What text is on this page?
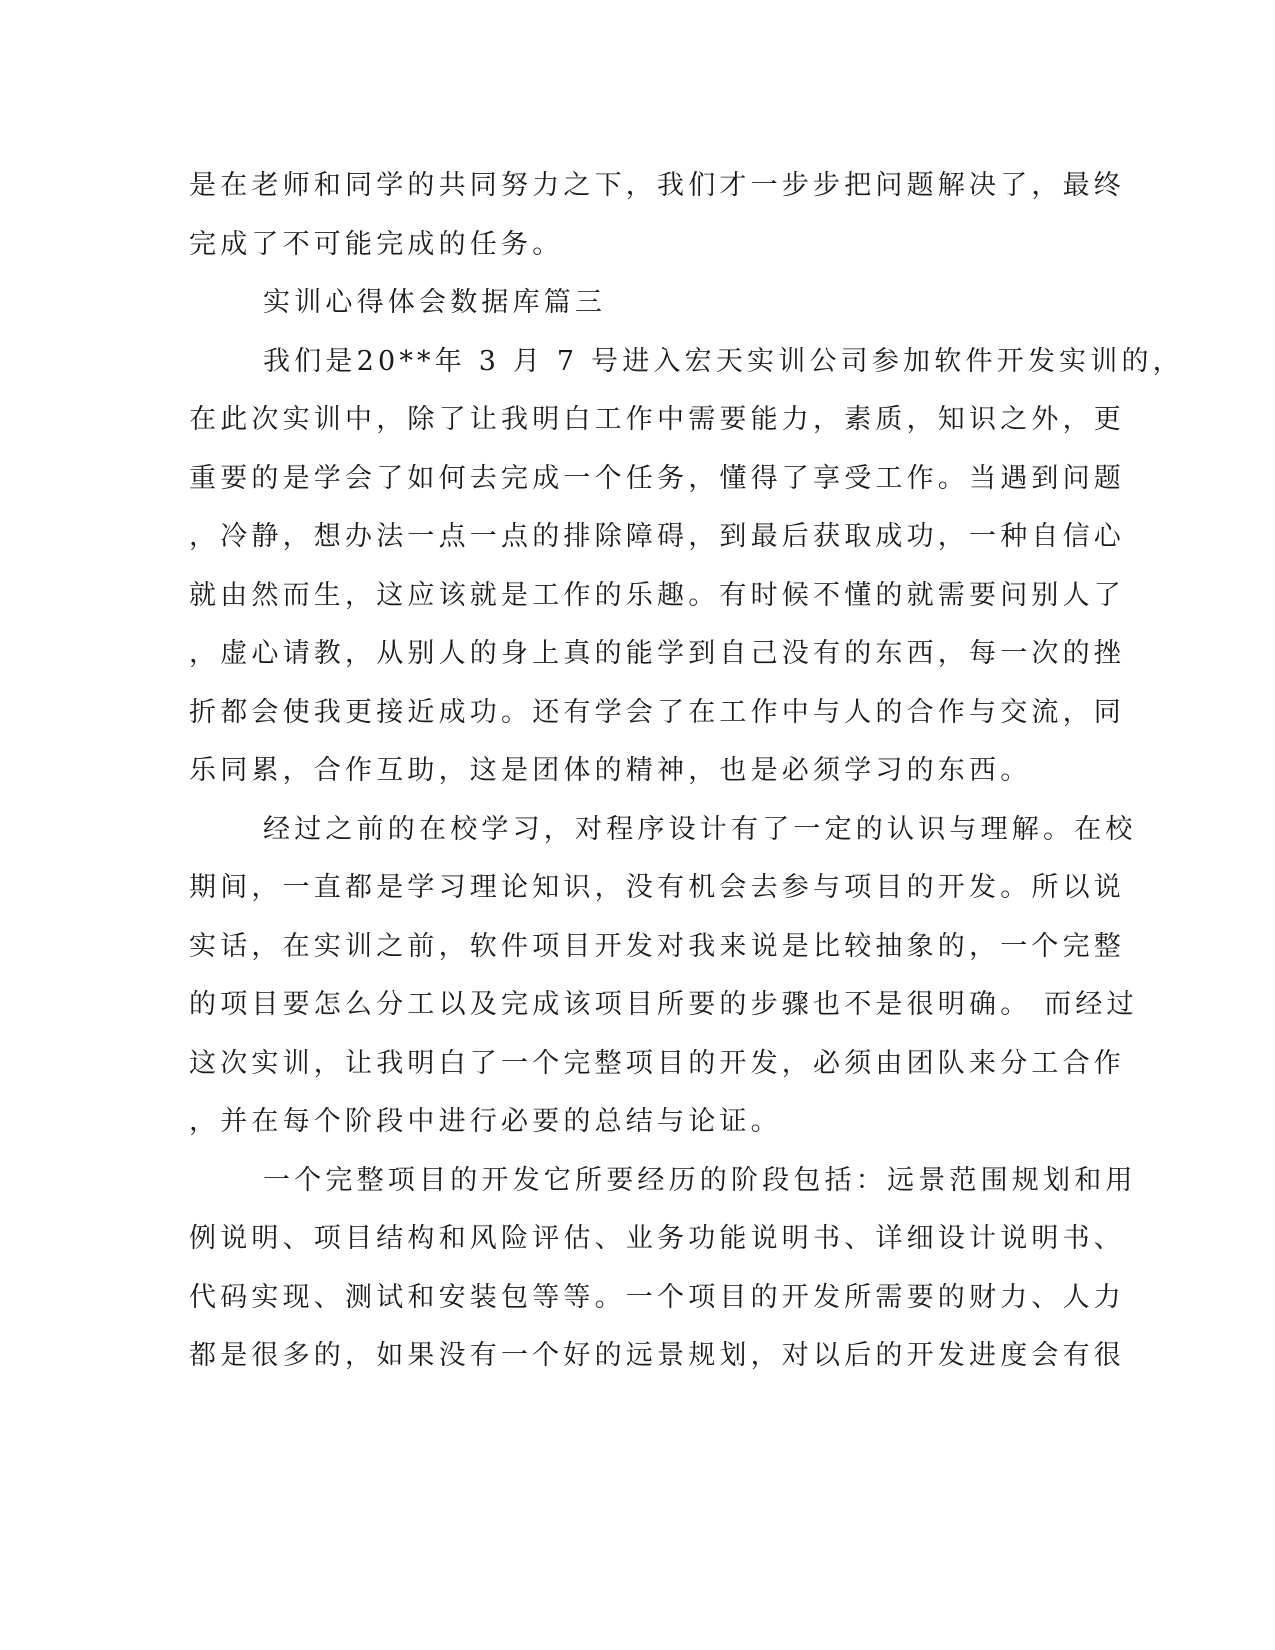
是在老师和同学的共同努力之下，我们才一步步把问题解决了，最终
完成了不可能完成的任务。
实训心得体会数据库篇三
我们是20**年 3 月 7 号进入宏天实训公司参加软件开发实训的，
在此次实训中，除了让我明白工作中需要能力，素质，知识之外，更
重要的是学会了如何去完成一个任务，懂得了享受工作。当遇到问题
，冷静，想办法一点一点的排除障碍，到最后获取成功，一种自信心
就由然而生，这应该就是工作的乐趣。有时候不懂的就需要问别人了
，虚心请教，从别人的身上真的能学到自己没有的东西，每一次的挫
折都会使我更接近成功。还有学会了在工作中与人的合作与交流，同
乐同累，合作互助，这是团体的精神，也是必须学习的东西。
经过之前的在校学习，对程序设计有了一定的认识与理解。在校
期间，一直都是学习理论知识，没有机会去参与项目的开发。所以说
实话，在实训之前，软件项目开发对我来说是比较抽象的，一个完整
的项目要怎么分工以及完成该项目所要的步骤也不是很明确。 而经过
这次实训，让我明白了一个完整项目的开发，必须由团队来分工合作
，并在每个阶段中进行必要的总结与论证。
一个完整项目的开发它所要经历的阶段包括：远景范围规划和用
例说明、项目结构和风险评估、业务功能说明书、详细设计说明书、
代码实现、测试和安装包等等。一个项目的开发所需要的财力、人力
都是很多的，如果没有一个好的远景规划，对以后的开发进度会有很
